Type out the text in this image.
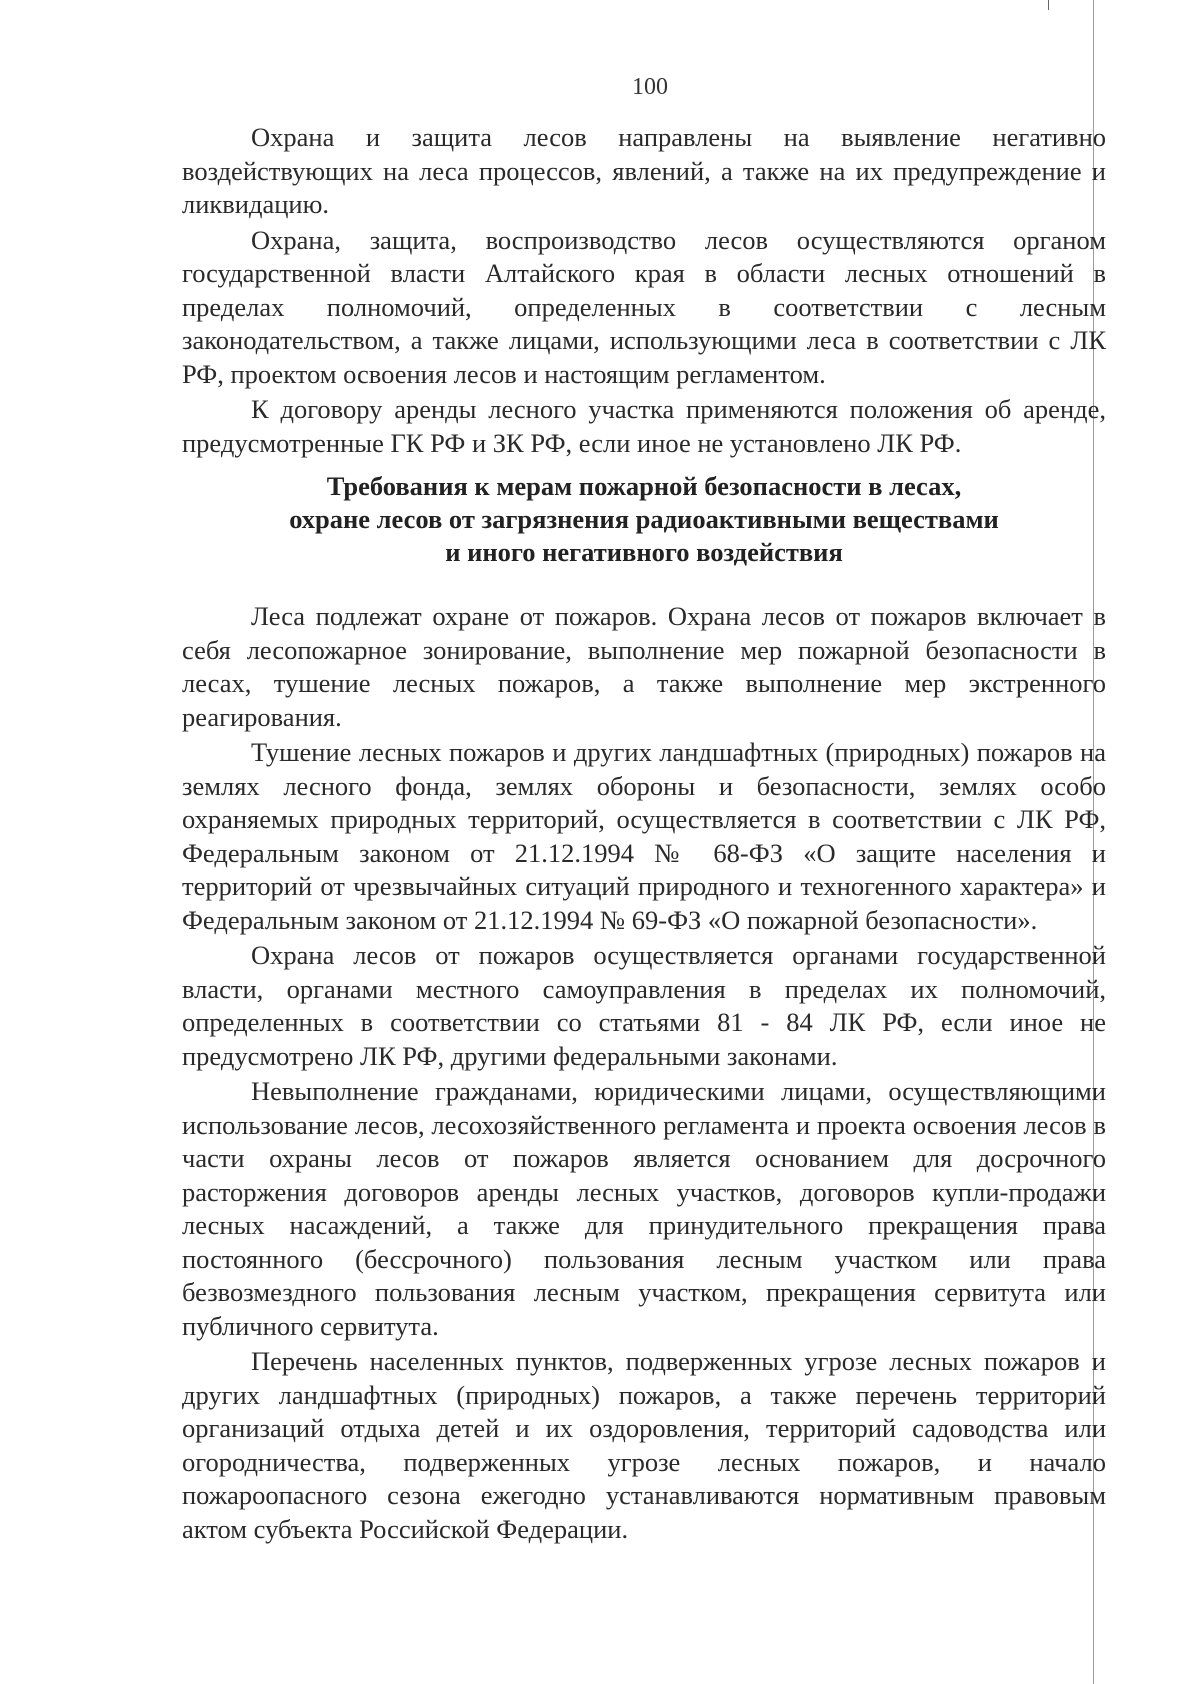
100

Охрана и защита лесов направлены на выявление негативно воздействующих на леса процессов, явлений, а также на их предупреждение и ликвидацию.

Охрана, защита, воспроизводство лесов осуществляются органом государственной власти Алтайского края в области лесных отношений в пределах полномочий, определенных в соответствии с лесным законодательством, а также лицами, использующими леса в соответствии с ЛК РФ, проектом освоения лесов и настоящим регламентом.

К договору аренды лесного участка применяются положения об аренде, предусмотренные ГК РФ и ЗК РФ, если иное не установлено ЛК РФ.

Требования к мерам пожарной безопасности в лесах,
охране лесов от загрязнения радиоактивными веществами
и иного негативного воздействия

Леса подлежат охране от пожаров. Охрана лесов от пожаров включает в себя лесопожарное зонирование, выполнение мер пожарной безопасности в лесах, тушение лесных пожаров, а также выполнение мер экстренного реагирования.

Тушение лесных пожаров и других ландшафтных (природных) пожаров на землях лесного фонда, землях обороны и безопасности, землях особо охраняемых природных территорий, осуществляется в соответствии с ЛК РФ, Федеральным законом от 21.12.1994 № 68-ФЗ «О защите населения и территорий от чрезвычайных ситуаций природного и техногенного характера» и Федеральным законом от 21.12.1994 № 69-ФЗ «О пожарной безопасности».

Охрана лесов от пожаров осуществляется органами государственной власти, органами местного самоуправления в пределах их полномочий, определенных в соответствии со статьями 81 - 84 ЛК РФ, если иное не предусмотрено ЛК РФ, другими федеральными законами.

Невыполнение гражданами, юридическими лицами, осуществляющими использование лесов, лесохозяйственного регламента и проекта освоения лесов в части охраны лесов от пожаров является основанием для досрочного расторжения договоров аренды лесных участков, договоров купли-продажи лесных насаждений, а также для принудительного прекращения права постоянного (бессрочного) пользования лесным участком или права безвозмездного пользования лесным участком, прекращения сервитута или публичного сервитута.

Перечень населенных пунктов, подверженных угрозе лесных пожаров и других ландшафтных (природных) пожаров, а также перечень территорий организаций отдыха детей и их оздоровления, территорий садоводства или огородничества, подверженных угрозе лесных пожаров, и начало пожароопасного сезона ежегодно устанавливаются нормативным правовым актом субъекта Российской Федерации.
